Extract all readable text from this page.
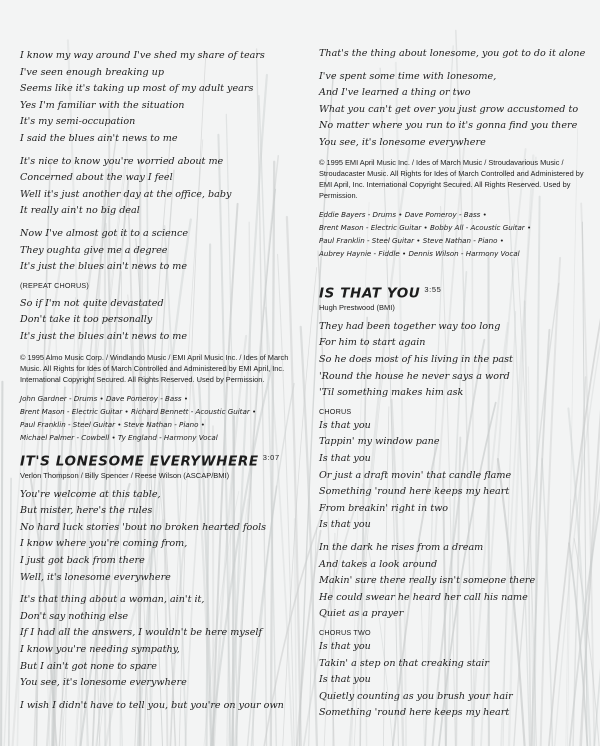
I know my way around I've shed my share of tears

I've seen enough breaking up

Seems like it's taking up most of my adult years

Yes I'm familiar with the situation

It's my semi-occupation

I said the blues ain't news to me

It's nice to know you're worried about me

Concerned about the way I feel

Well it's just another day at the office, baby

It really ain't no big deal

Now I've almost got it to a science

They oughta give me a degree

It's just the blues ain't news to me

(REPEAT CHORUS)

So if I'm not quite devastated

Don't take it too personally

It's just the blues ain't news to me

© 1995 Almo Music Corp. / Windlando Music / EMI April Music Inc. / Ides of March Music. All Rights for Ides of March Controlled and Administered by EMI April, Inc. International Copyright Secured. All Rights Reserved. Used by Permission.

John Gardner - Drums • Dave Pomeroy - Bass •

Brent Mason - Electric Guitar • Richard Bennett - Acoustic Guitar •

Paul Franklin - Steel Guitar • Steve Nathan - Piano •

Michael Palmer - Cowbell • Ty England - Harmony Vocal

IT'S LONESOME EVERYWHERE $^{3:07}$

Verlon Thompson / Billy Spencer / Reese Wilson (ASCAP/BMI)

You're welcome at this table,

But mister, here's the rules

No hard luck stories 'bout no broken hearted fools

I know where you're coming from,

I just got back from there

Well, it's lonesome everywhere

It's that thing about a woman, ain't it,

Don't say nothing else

If I had all the answers, I wouldn't be here myself

I know you're needing sympathy,

But I ain't got none to spare

You see, it's lonesome everywhere

I wish I didn't have to tell you, but you're on your own

That's the thing about lonesome, you got to do it alone

I've spent some time with lonesome,

And I've learned a thing or two

What you can't get over you just grow accustomed to

No matter where you run to it's gonna find you there

You see, it's lonesome everywhere

© 1995 EMI April Music Inc. / Ides of March Music / Stroudavarious Music / Stroudacaster Music. All Rights for Ides of March Controlled and Administered by EMI April, Inc. International Copyright Secured. All Rights Reserved. Used by Permission.

Eddie Bayers - Drums • Dave Pomeroy - Bass •

Brent Mason - Electric Guitar • Bobby All - Acoustic Guitar •

Paul Franklin - Steel Guitar • Steve Nathan - Piano •

Aubrey Haynie - Fiddle • Dennis Wilson - Harmony Vocal

IS THAT YOU $^{3:55}$

Hugh Prestwood (BMI)

They had been together way too long

For him to start again

So he does most of his living in the past

'Round the house he never says a word

'Til something makes him ask

CHORUS

Is that you

Tappin' my window pane

Is that you

Or just a draft movin' that candle flame

Something 'round here keeps my heart

From breakin' right in two

Is that you

In the dark he rises from a dream

And takes a look around

Makin' sure there really isn't someone there

He could swear he heard her call his name

Quiet as a prayer

CHORUS TWO

Is that you

Takin' a step on that creaking stair

Is that you

Quietly counting as you brush your hair

Something 'round here keeps my heart
